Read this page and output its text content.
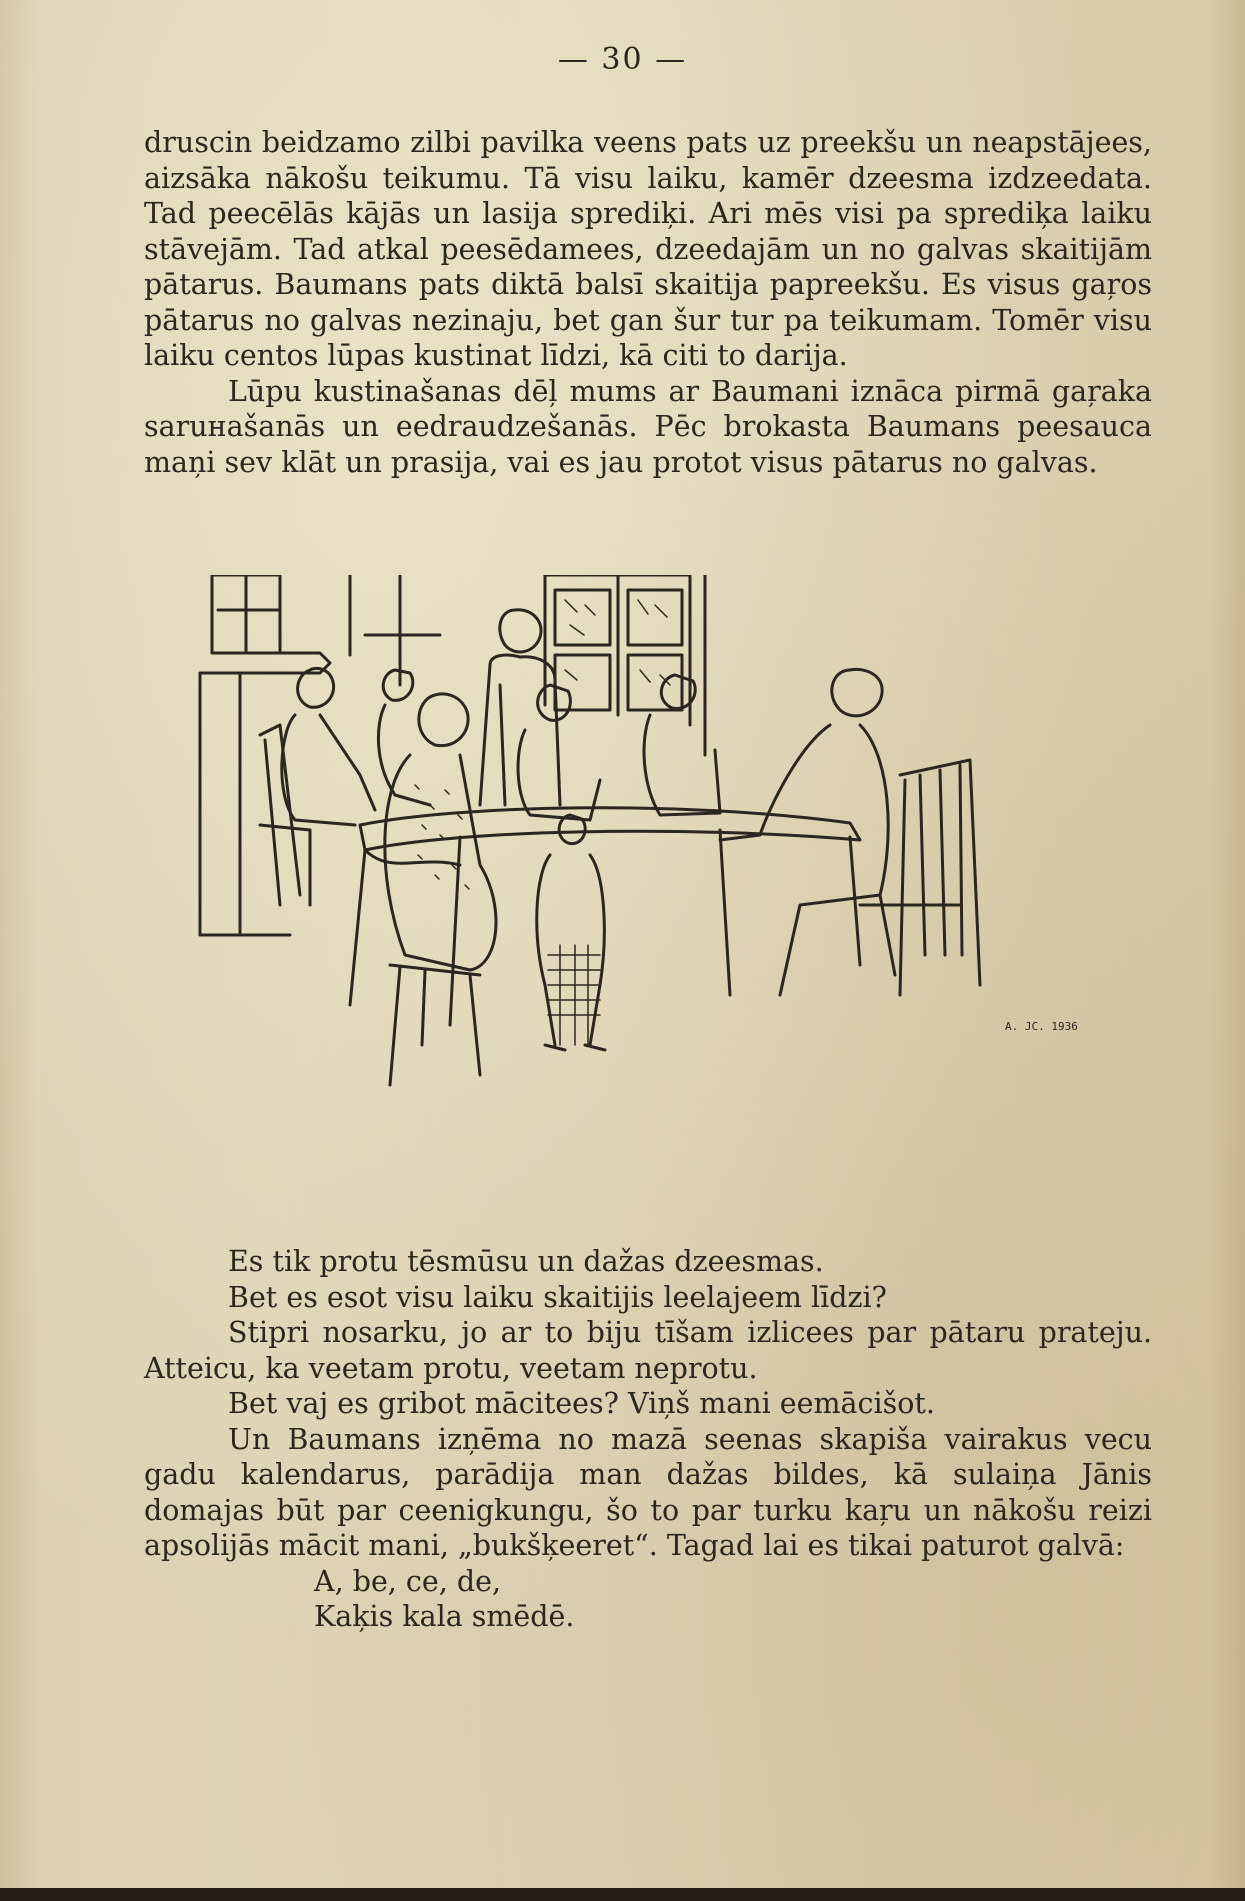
— 30 —

druscin beidzamo zilbi pavilka veens pats uz preekšu un neapstājees, aizsāka nākošu teikumu. Tā visu laiku, kamēr dzeesma izdzeedata. Tad peecēlās kājās un lasija sprediķi. Ari mēs visi pa sprediķa laiku stāvejām. Tad atkal peesēdamees, dzeedajām un no galvas skaitijām pātarus. Baumans pats diktā balsī skaitija papreekšu. Es visus gaŗos pātarus no galvas nezinaju, bet gan šur tur pa teikumam. Tomēr visu laiku centos lūpas kustinat līdzi, kā citi to darija.

Lūpu kustinašanas dēļ mums ar Baumani iznāca pirmā gaŗaka saruнašanās un eedraudzešanās. Pēc brokasta Baumans peesauca maņi sev klāt un prasija, vai es jau protot visus pātarus no galvas.

A. JC. 1936

Es tik protu tēsmūsu un dažas dzeesmas.

Bet es esot visu laiku skaitijis leelajeem līdzi?

Stipri nosarku, jo ar to biju tīšam izlicees par pātaru prateju. Atteicu, ka veetam protu, veetam neprotu.

Bet vaj es gribot mācitees? Viņš mani eemācišot.

Un Baumans izņēma no mazā seenas skapiša vairakus vecu gadu kalendarus, parādija man dažas bildes, kā sulaiņa Jānis domajas būt par ceenigkungu, šo to par turku kaŗu un nākošu reizi apsolijās mācit mani, „bukšķeeret“. Tagad lai es tikai paturot galvā:

A, be, ce, de,

Kaķis kala smēdē.
